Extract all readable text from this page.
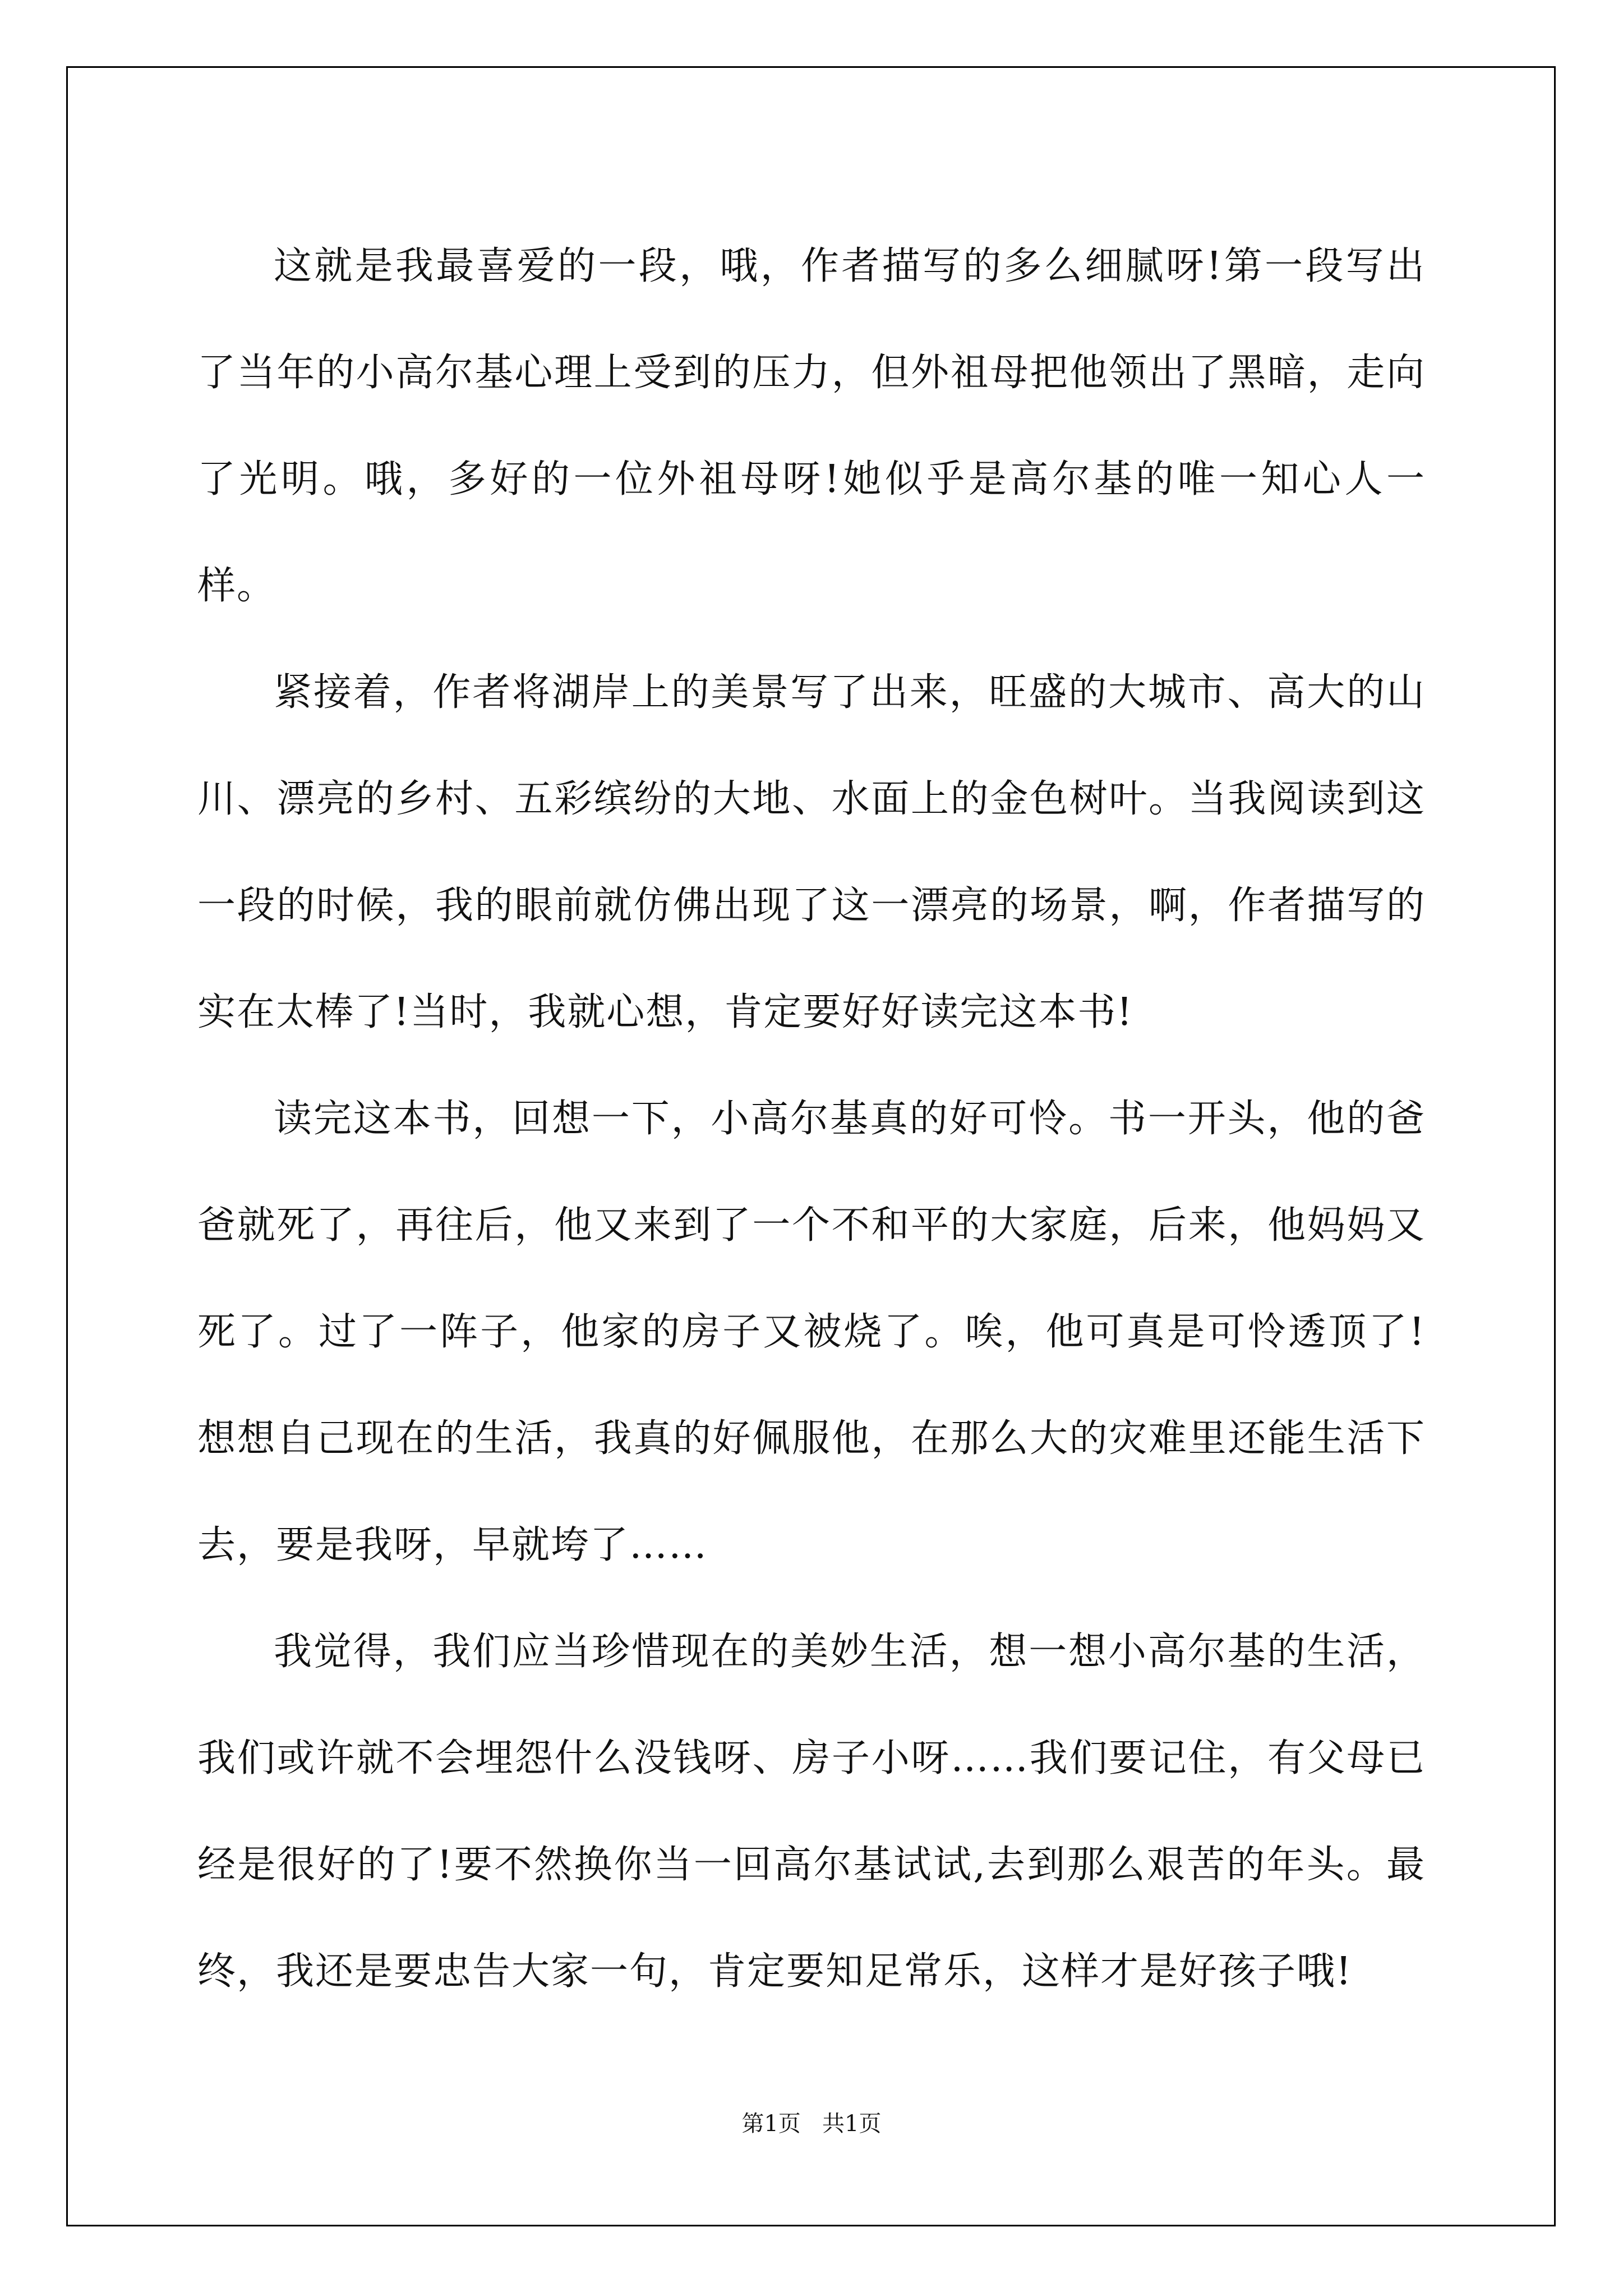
这就是我最喜爱的一段，哦，作者描写的多么细腻呀!第一段写出了当年的小高尔基心理上受到的压力，但外祖母把他领出了黑暗，走向了光明。哦，多好的一位外祖母呀!她似乎是高尔基的唯一知心人一样。

紧接着，作者将湖岸上的美景写了出来，旺盛的大城市、高大的山川、漂亮的乡村、五彩缤纷的大地、水面上的金色树叶。当我阅读到这一段的时候，我的眼前就仿佛出现了这一漂亮的场景，啊，作者描写的实在太棒了!当时，我就心想，肯定要好好读完这本书!

读完这本书，回想一下，小高尔基真的好可怜。书一开头，他的爸爸就死了，再往后，他又来到了一个不和平的大家庭，后来，他妈妈又死了。过了一阵子，他家的房子又被烧了。唉，他可真是可怜透顶了!想想自己现在的生活，我真的好佩服他，在那么大的灾难里还能生活下去，要是我呀，早就垮了……

我觉得，我们应当珍惜现在的美妙生活，想一想小高尔基的生活，我们或许就不会埋怨什么没钱呀、房子小呀……我们要记住，有父母已经是很好的了!要不然换你当一回高尔基试试,去到那么艰苦的年头。最终，我还是要忠告大家一句，肯定要知足常乐，这样才是好孩子哦!

第1页   共1页
